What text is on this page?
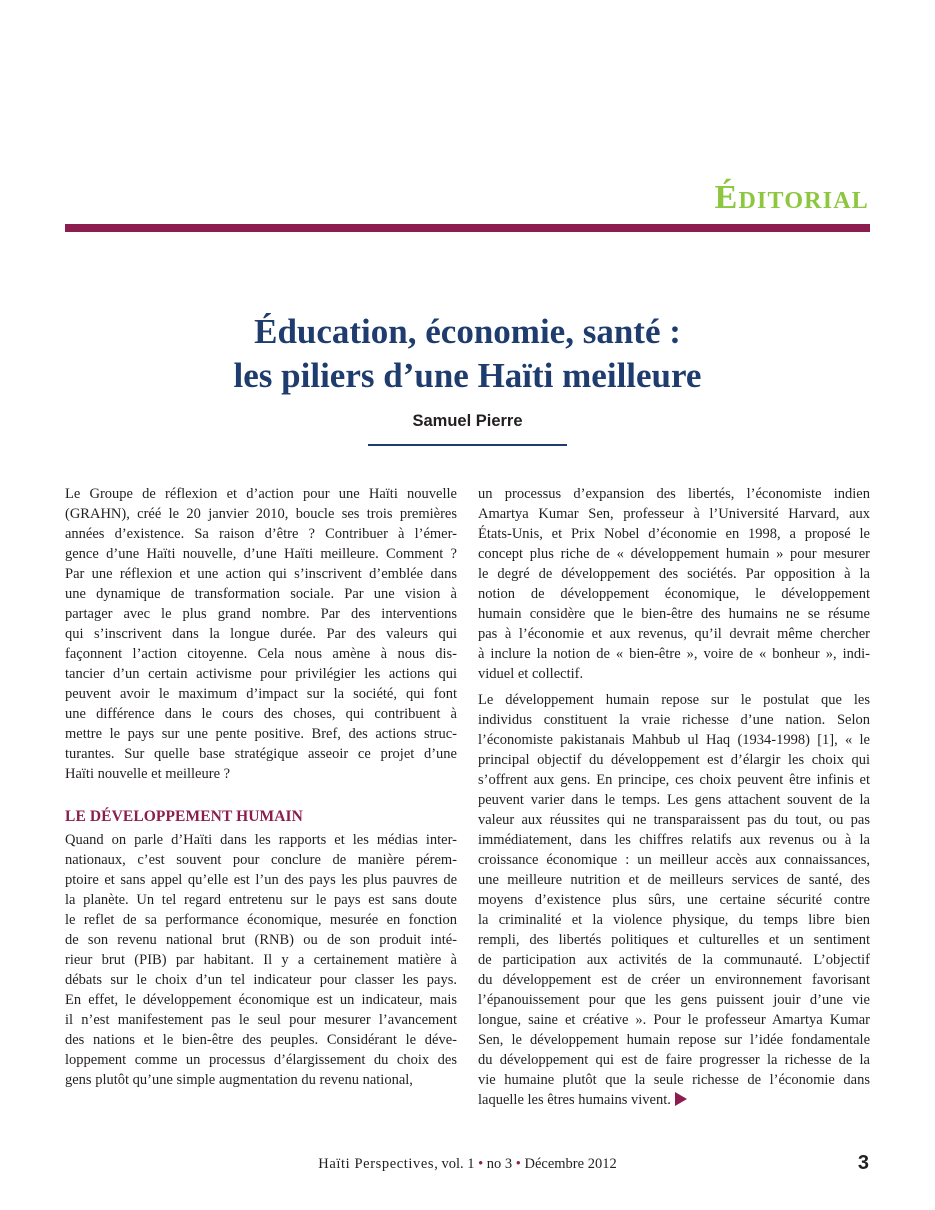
Éditorial
Éducation, économie, santé :
les piliers d’une Haïti meilleure
Samuel Pierre
Le Groupe de réflexion et d’action pour une Haïti nouvelle
(GRAHN), créé le 20 janvier 2010, boucle ses trois premières
années d’existence. Sa raison d’être ? Contribuer à l’émer-
gence d’une Haïti nouvelle, d’une Haïti meilleure. Comment ?
Par une réflexion et une action qui s’inscrivent d’emblée dans
une dynamique de transformation sociale. Par une vision à
partager avec le plus grand nombre. Par des interventions
qui s’inscrivent dans la longue durée. Par des valeurs qui
façonnent l’action citoyenne. Cela nous amène à nous dis-
tancier d’un certain activisme pour privilégier les actions qui
peuvent avoir le maximum d’impact sur la société, qui font
une différence dans le cours des choses, qui contribuent à
mettre le pays sur une pente positive. Bref, des actions struc-
turantes. Sur quelle base stratégique asseoir ce projet d’une
Haïti nouvelle et meilleure ?
LE DÉVELOPPEMENT HUMAIN
Quand on parle d’Haïti dans les rapports et les médias inter-
nationaux, c’est souvent pour conclure de manière pérem-
ptoire et sans appel qu’elle est l’un des pays les plus pauvres de
la planète. Un tel regard entretenu sur le pays est sans doute
le reflet de sa performance économique, mesurée en fonction
de son revenu national brut (RNB) ou de son produit inté-
rieur brut (PIB) par habitant. Il y a certainement matière à
débats sur le choix d’un tel indicateur pour classer les pays.
En effet, le développement économique est un indicateur, mais
il n’est manifestement pas le seul pour mesurer l’avancement
des nations et le bien-être des peuples. Considérant le déve-
loppement comme un processus d’élargissement du choix des
gens plutôt qu’une simple augmentation du revenu national,
un processus d’expansion des libertés, l’économiste indien
Amartya Kumar Sen, professeur à l’Université Harvard, aux
États-Unis, et Prix Nobel d’économie en 1998, a proposé le
concept plus riche de « développement humain » pour mesurer
le degré de développement des sociétés. Par opposition à la
notion de développement économique, le développement
humain considère que le bien-être des humains ne se résume
pas à l’économie et aux revenus, qu’il devrait même chercher
à inclure la notion de « bien-être », voire de « bonheur », indi-
viduel et collectif.
Le développement humain repose sur le postulat que les
individus constituent la vraie richesse d’une nation. Selon
l’économiste pakistanais Mahbub ul Haq (1934-1998) [1], « le
principal objectif du développement est d’élargir les choix qui
s’offrent aux gens. En principe, ces choix peuvent être infinis et
peuvent varier dans le temps. Les gens attachent souvent de la
valeur aux réussites qui ne transparaissent pas du tout, ou pas
immédiatement, dans les chiffres relatifs aux revenus ou à la
croissance économique : un meilleur accès aux connaissances,
une meilleure nutrition et de meilleurs services de santé, des
moyens d’existence plus sûrs, une certaine sécurité contre
la criminalité et la violence physique, du temps libre bien
rempli, des libertés politiques et culturelles et un sentiment
de participation aux activités de la communauté. L’objectif
du développement est de créer un environnement favorisant
l’épanouissement pour que les gens puissent jouir d’une vie
longue, saine et créative ». Pour le professeur Amartya Kumar
Sen, le développement humain repose sur l’idée fondamentale
du développement qui est de faire progresser la richesse de la
vie humaine plutôt que la seule richesse de l’économie dans
laquelle les êtres humains vivent.
Haïti Perspectives, vol. 1 • no 3 • Décembre 2012	3
